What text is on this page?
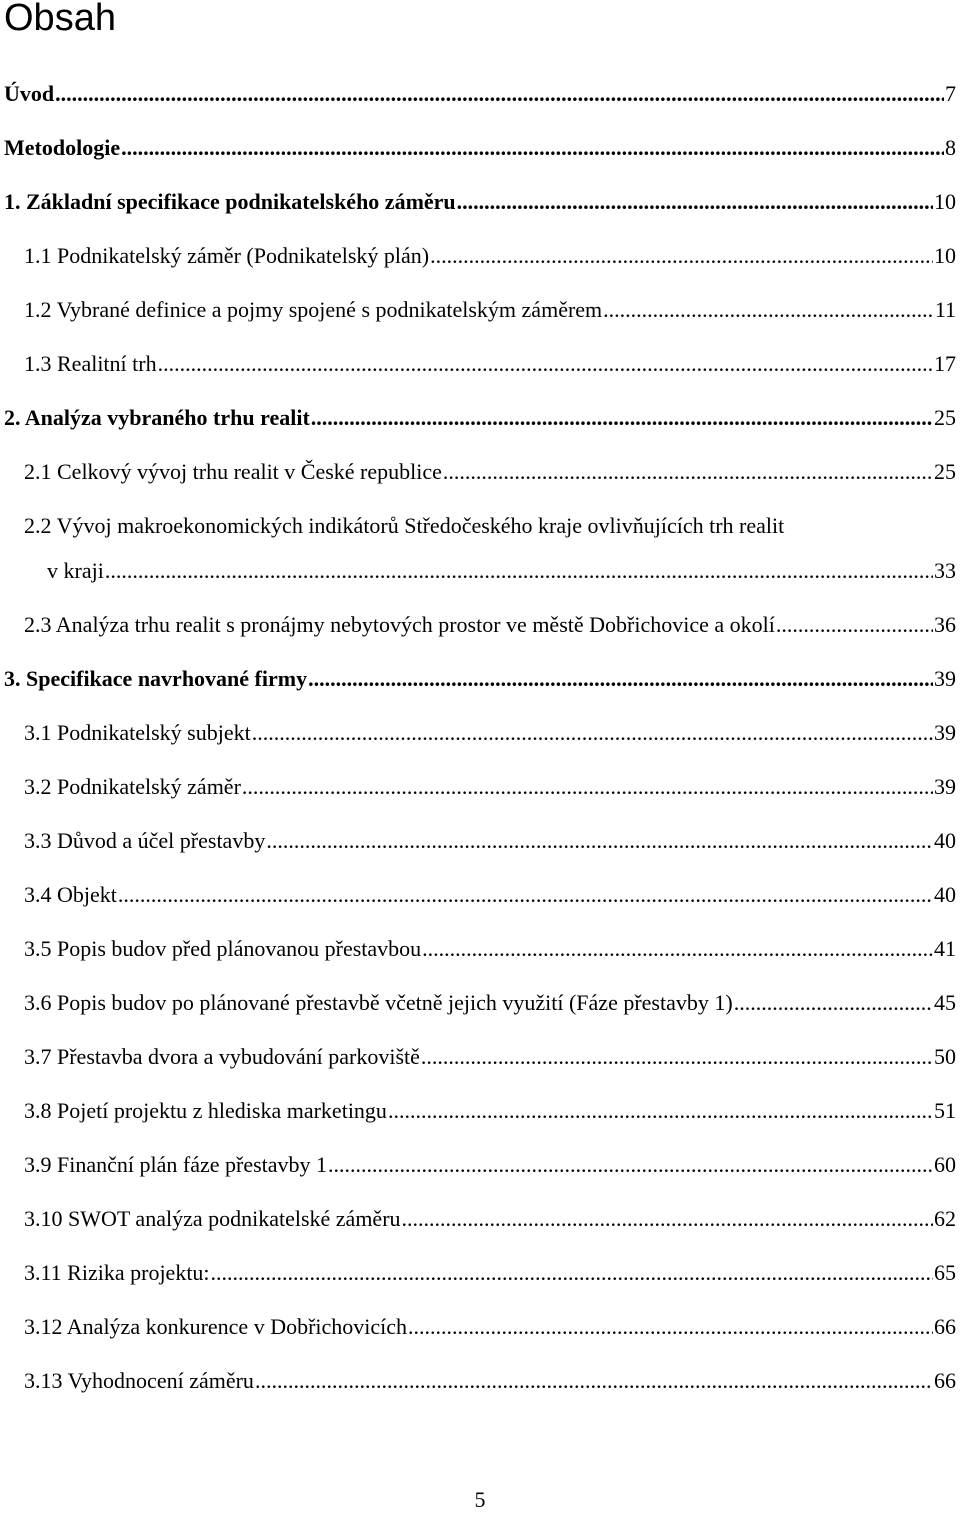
Obsah
Úvod .....	7
Metodologie .....	8
1. Základní specifikace podnikatelského záměru .....	10
1.1 Podnikatelský záměr (Podnikatelský plán) .....	10
1.2 Vybrané definice a pojmy spojené s podnikatelským záměrem .....	11
1.3 Realitní trh .....	17
2. Analýza vybraného trhu realit .....	25
2.1 Celkový vývoj trhu realit v České republice .....	25
2.2 Vývoj makroekonomických indikátorů Středočeského kraje ovlivňujících trh realit
v kraji .....	33
2.3 Analýza trhu realit s pronájmy nebytových prostor ve městě Dobřichovice a okolí .....	36
3. Specifikace navrhované firmy .....	39
3.1 Podnikatelský subjekt .....	39
3.2 Podnikatelský záměr .....	39
3.3 Důvod a účel přestavby .....	40
3.4 Objekt .....	40
3.5 Popis budov před plánovanou přestavbou .....	41
3.6 Popis budov po plánované přestavbě včetně jejich využití (Fáze přestavby 1) .....	45
3.7 Přestavba dvora a vybudování parkoviště .....	50
3.8 Pojetí projektu z hlediska marketingu .....	51
3.9 Finanční plán fáze přestavby 1 .....	60
3.10 SWOT analýza podnikatelské záměru .....	62
3.11 Rizika projektu: .....	65
3.12 Analýza konkurence v Dobřichovicích .....	66
3.13 Vyhodnocení záměru .....	66
5
